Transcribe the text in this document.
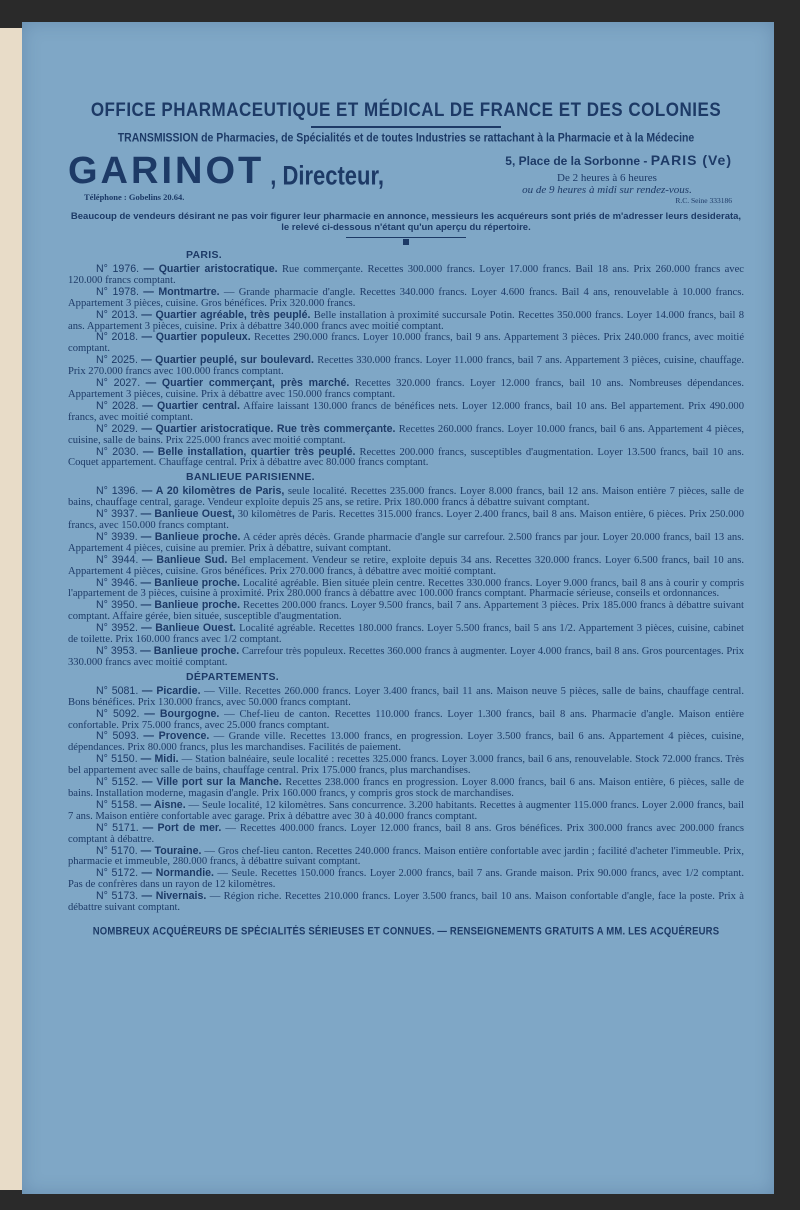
OFFICE PHARMACEUTIQUE ET MÉDICAL DE FRANCE ET DES COLONIES
TRANSMISSION de Pharmacies, de Spécialités et de toutes Industries se rattachant à la Pharmacie et à la Médecine
GARINOT , Directeur,
Téléphone : Gobelins 20.64.
5, Place de la Sorbonne - PARIS (Ve)
De 2 heures à 6 heures
ou de 9 heures à midi sur rendez-vous.
R.C. Seine 333186
Beaucoup de vendeurs désirant ne pas voir figurer leur pharmacie en annonce, messieurs les acquéreurs sont priés de m'adresser leurs desiderata, le relevé ci-dessous n'étant qu'un aperçu du répertoire.
PARIS.

N° 1976. — Quartier aristocratique. Rue commerçante. Recettes 300.000 francs. Loyer 17.000 francs. Bail 18 ans. Prix 260.000 francs avec 120.000 francs comptant.

N° 1978. — Montmartre. — Grande pharmacie d'angle. Recettes 340.000 francs. Loyer 4.600 francs. Bail 4 ans, renouvelable à 10.000 francs. Appartement 3 pièces, cuisine. Gros bénéfices. Prix 320.000 francs.

N° 2013. — Quartier agréable, très peuplé. Belle installation à proximité succursale Potin. Recettes 350.000 francs. Loyer 14.000 francs, bail 8 ans. Appartement 3 pièces, cuisine. Prix à débattre 340.000 francs avec moitié comptant.

N° 2018. — Quartier populeux. Recettes 290.000 francs. Loyer 10.000 francs, bail 9 ans. Appartement 3 pièces. Prix 240.000 francs, avec moitié comptant.

N° 2025. — Quartier peuplé, sur boulevard. Recettes 330.000 francs. Loyer 11.000 francs, bail 7 ans. Appartement 3 pièces, cuisine, chauffage. Prix 270.000 francs avec 100.000 francs comptant.

N° 2027. — Quartier commerçant, près marché. Recettes 320.000 francs. Loyer 12.000 francs, bail 10 ans. Nombreuses dépendances. Appartement 3 pièces, cuisine. Prix à débattre avec 150.000 francs comptant.

N° 2028. — Quartier central. Affaire laissant 130.000 francs de bénéfices nets. Loyer 12.000 francs, bail 10 ans. Bel appartement. Prix 490.000 francs, avec moitié comptant.

N° 2029. — Quartier aristocratique. Rue très commerçante. Recettes 260.000 francs. Loyer 10.000 francs, bail 6 ans. Appartement 4 pièces, cuisine, salle de bains. Prix 225.000 francs avec moitié comptant.

N° 2030. — Belle installation, quartier très peuplé. Recettes 200.000 francs, susceptibles d'augmentation. Loyer 13.500 francs, bail 10 ans. Coquet appartement. Chauffage central. Prix à débattre avec 80.000 francs comptant.

BANLIEUE PARISIENNE.

N° 1396. — A 20 kilomètres de Paris, seule localité. Recettes 235.000 francs. Loyer 8.000 francs, bail 12 ans. Maison entière 7 pièces, salle de bains, chauffage central, garage. Vendeur exploite depuis 25 ans, se retire. Prix 180.000 francs à débattre suivant comptant.

N° 3937. — Banlieue Ouest, 30 kilomètres de Paris. Recettes 315.000 francs. Loyer 2.400 francs, bail 8 ans. Maison entière, 6 pièces. Prix 250.000 francs, avec 150.000 francs comptant.

N° 3939. — Banlieue proche. A céder après décès. Grande pharmacie d'angle sur carrefour. 2.500 francs par jour. Loyer 20.000 francs, bail 13 ans. Appartement 4 pièces, cuisine au premier. Prix à débattre, suivant comptant.

N° 3944. — Banlieue Sud. Bel emplacement. Vendeur se retire, exploite depuis 34 ans. Recettes 320.000 francs. Loyer 6.500 francs, bail 10 ans. Appartement 4 pièces, cuisine. Gros bénéfices. Prix 270.000 francs, à débattre avec moitié comptant.

N° 3946. — Banlieue proche. Localité agréable. Bien située plein centre. Recettes 330.000 francs. Loyer 9.000 francs, bail 8 ans à courir y compris l'appartement de 3 pièces, cuisine à proximité. Prix 280.000 francs à débattre avec 100.000 francs comptant. Pharmacie sérieuse, conseils et ordonnances.

N° 3950. — Banlieue proche. Recettes 200.000 francs. Loyer 9.500 francs, bail 7 ans. Appartement 3 pièces. Prix 185.000 francs à débattre suivant comptant. Affaire gérée, bien située, susceptible d'augmentation.

N° 3952. — Banlieue Ouest. Localité agréable. Recettes 180.000 francs. Loyer 5.500 francs, bail 5 ans 1/2. Appartement 3 pièces, cuisine, cabinet de toilette. Prix 160.000 francs avec 1/2 comptant.

N° 3953. — Banlieue proche. Carrefour très populeux. Recettes 360.000 francs à augmenter. Loyer 4.000 francs, bail 8 ans. Gros pourcentages. Prix 330.000 francs avec moitié comptant.

DÉPARTEMENTS.

N° 5081. — Picardie. — Ville. Recettes 260.000 francs. Loyer 3.400 francs, bail 11 ans. Maison neuve 5 pièces, salle de bains, chauffage central. Bons bénéfices. Prix 130.000 francs, avec 50.000 francs comptant.

N° 5092. — Bourgogne. — Chef-lieu de canton. Recettes 110.000 francs. Loyer 1.300 francs, bail 8 ans. Pharmacie d'angle. Maison entière confortable. Prix 75.000 francs, avec 25.000 francs comptant.

N° 5093. — Provence. — Grande ville. Recettes 13.000 francs, en progression. Loyer 3.500 francs, bail 6 ans. Appartement 4 pièces, cuisine, dépendances. Prix 80.000 francs, plus les marchandises. Facilités de paiement.

N° 5150. — Midi. — Station balnéaire, seule localité : recettes 325.000 francs. Loyer 3.000 francs, bail 6 ans, renouvelable. Stock 72.000 francs. Très bel appartement avec salle de bains, chauffage central. Prix 175.000 francs, plus marchandises.

N° 5152. — Ville port sur la Manche. Recettes 238.000 francs en progression. Loyer 8.000 francs, bail 6 ans. Maison entière, 6 pièces, salle de bains. Installation moderne, magasin d'angle. Prix 160.000 francs, y compris gros stock de marchandises.

N° 5158. — Aisne. — Seule localité, 12 kilomètres. Sans concurrence. 3.200 habitants. Recettes à augmenter 115.000 francs. Loyer 2.000 francs, bail 7 ans. Maison entière confortable avec garage. Prix à débattre avec 30 à 40.000 francs comptant.

N° 5171. — Port de mer. — Recettes 400.000 francs. Loyer 12.000 francs, bail 8 ans. Gros bénéfices. Prix 300.000 francs avec 200.000 francs comptant à débattre.

N° 5170. — Touraine. — Gros chef-lieu canton. Recettes 240.000 francs. Maison entière confortable avec jardin ; facilité d'acheter l'immeuble. Prix, pharmacie et immeuble, 280.000 francs, à débattre suivant comptant.

N° 5172. — Normandie. — Seule. Recettes 150.000 francs. Loyer 2.000 francs, bail 7 ans. Grande maison. Prix 90.000 francs, avec 1/2 comptant. Pas de confrères dans un rayon de 12 kilomètres.

N° 5173. — Nivernais. — Région riche. Recettes 210.000 francs. Loyer 3.500 francs, bail 10 ans. Maison confortable d'angle, face la poste. Prix à débattre suivant comptant.

NOMBREUX ACQUÉREURS DE SPÉCIALITÉS SÉRIEUSES ET CONNUES. — RENSEIGNEMENTS GRATUITS A MM. LES ACQUÉREURS
